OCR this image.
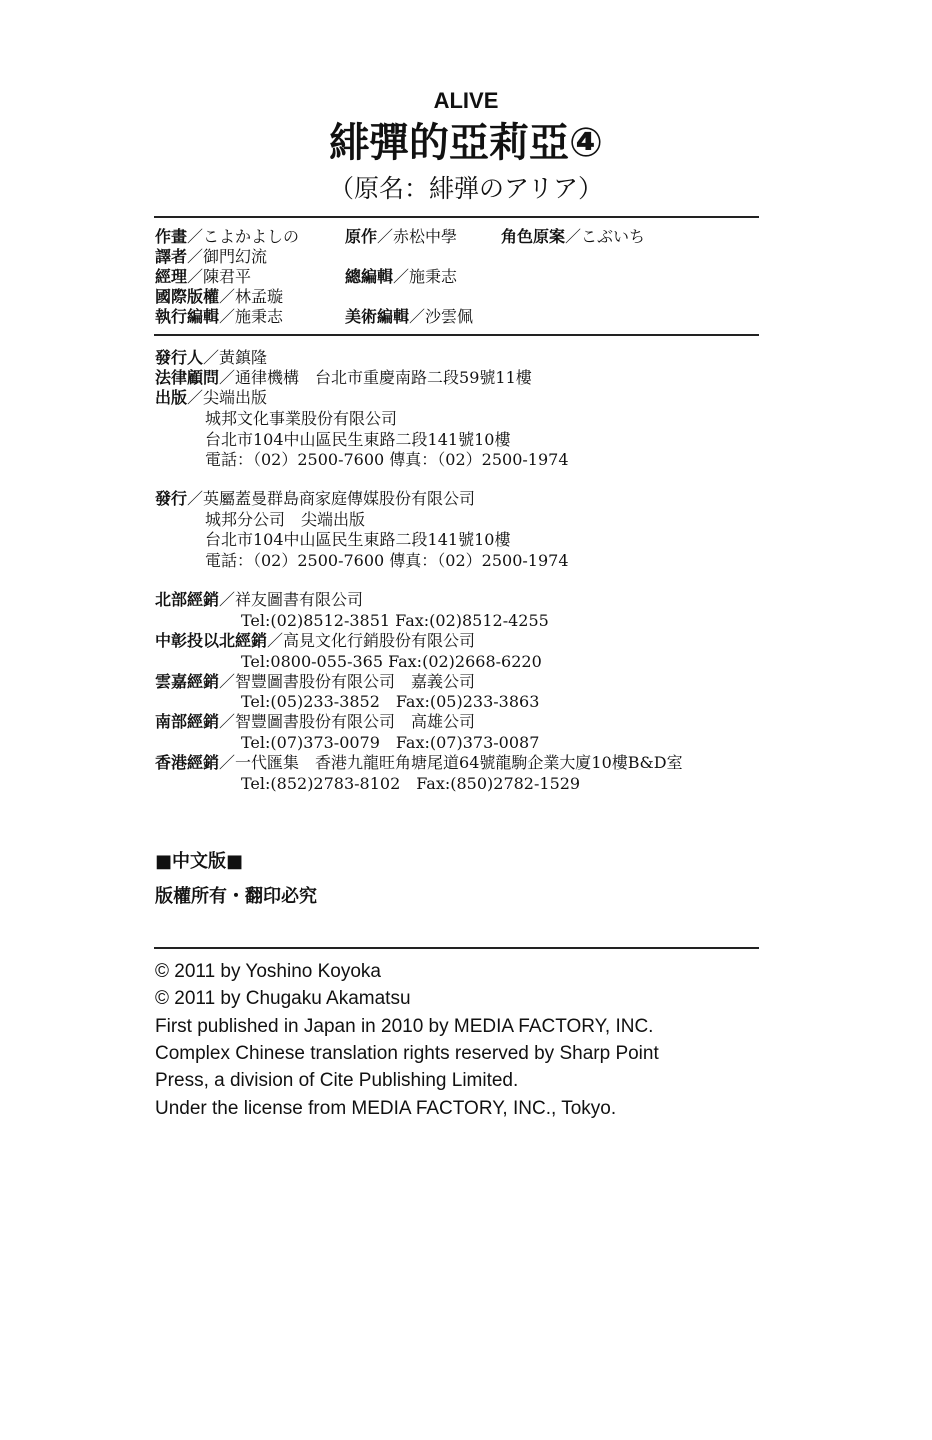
ALIVE
緋彈的亞莉亞④
（原名：緋弾のアリア）
作畫／こよかよしの	原作／赤松中學	角色原案／こぶいち
譯者／御門幻流
經理／陳君平	總編輯／施秉志
國際版權／林孟璇
執行編輯／施秉志	美術編輯／沙雲佩
發行人／黃鎮隆
法律顧問／通律機構　台北市重慶南路二段59號11樓
出版／尖端出版
城邦文化事業股份有限公司
台北市104中山區民生東路二段141號10樓
電話：（02）2500-7600 傳真：（02）2500-1974
發行／英屬蓋曼群島商家庭傳媒股份有限公司
城邦分公司　尖端出版
台北市104中山區民生東路二段141號10樓
電話：（02）2500-7600 傳真：（02）2500-1974
北部經銷／祥友圖書有限公司
Tel:(02)8512-3851 Fax:(02)8512-4255
中彰投以北經銷／高見文化行銷股份有限公司
Tel:0800-055-365 Fax:(02)2668-6220
雲嘉經銷／智豐圖書股份有限公司　嘉義公司
Tel:(05)233-3852　Fax:(05)233-3863
南部經銷／智豐圖書股份有限公司　高雄公司
Tel:(07)373-0079　Fax:(07)373-0087
香港經銷／一代匯集　香港九龍旺角塘尾道64號龍駒企業大廈10樓B&D室
Tel:(852)2783-8102　Fax:(850)2782-1529
■中文版■
版權所有・翻印必究
© 2011 by Yoshino Koyoka
© 2011 by Chugaku Akamatsu
First published in Japan in 2010 by MEDIA FACTORY, INC.
Complex Chinese translation rights reserved by Sharp Point
Press, a division of Cite Publishing Limited.
Under the license from MEDIA FACTORY, INC., Tokyo.
